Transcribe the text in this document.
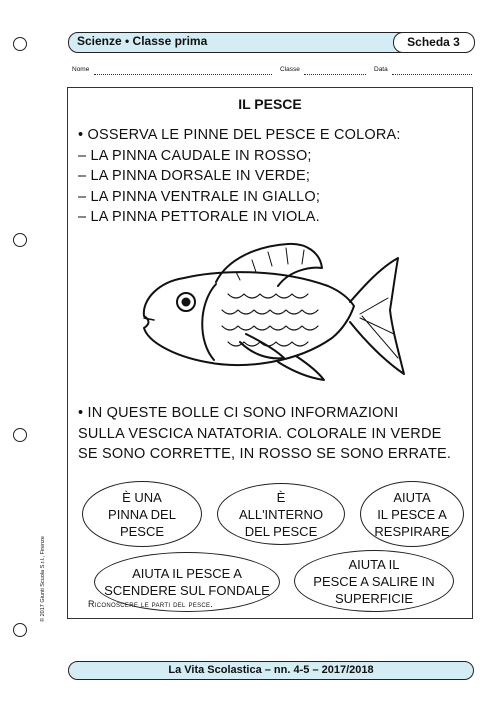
Scienze • Classe prima	Scheda 3
Nome	Classe	Data
IL PESCE
• OSSERVA LE PINNE DEL PESCE E COLORA:
– LA PINNA CAUDALE IN ROSSO;
– LA PINNA DORSALE IN VERDE;
– LA PINNA VENTRALE IN GIALLO;
– LA PINNA PETTORALE IN VIOLA.
• IN QUESTE BOLLE CI SONO INFORMAZIONI
SULLA VESCICA NATATORIA. COLORALE IN VERDE
SE SONO CORRETTE, IN ROSSO SE SONO ERRATE.
È UNA
PINNA DEL
PESCE
È
ALL'INTERNO
DEL PESCE
AIUTA
IL PESCE A
RESPIRARE
AIUTA IL PESCE A
SCENDERE SUL FONDALE
AIUTA IL
PESCE A SALIRE IN
SUPERFICIE
Riconoscere le parti del pesce.
© 2017 Giunti Scuola S.r.l., Firenze
La Vita Scolastica – nn. 4-5 – 2017/2018
